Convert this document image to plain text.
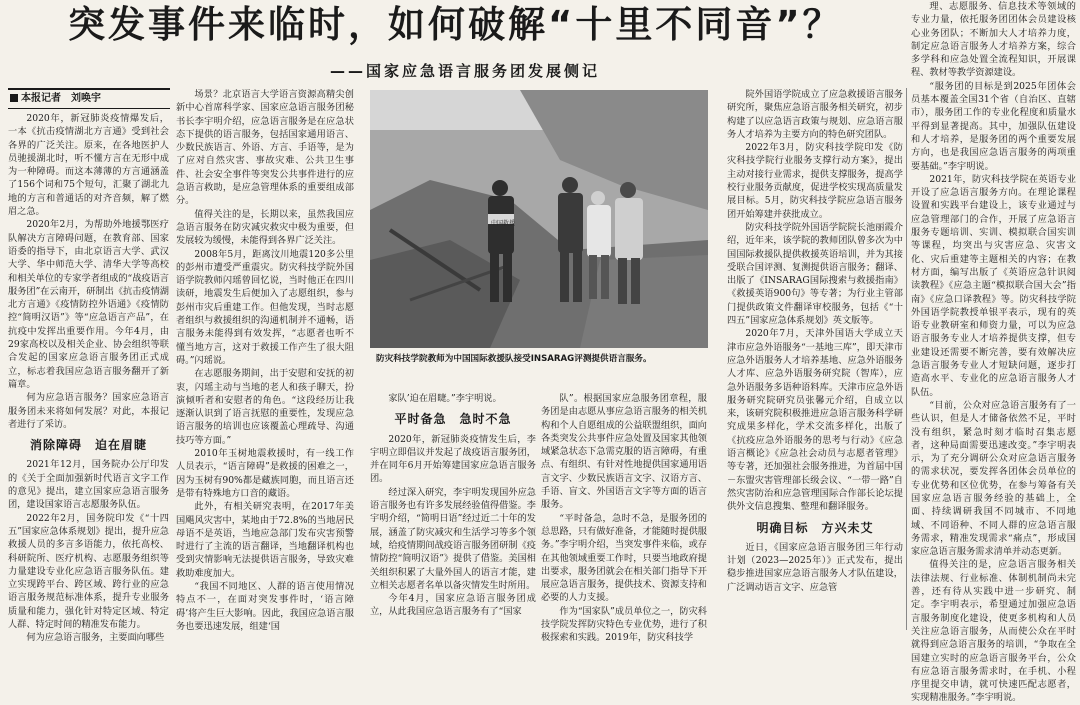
突发事件来临时，如何破解“十里不同音”？
——国家应急语言服务团发展侧记
本报记者　刘唤宇

2020年，新冠肺炎疫情爆发后，一本《抗击疫情湖北方言通》受到社会各界的广泛关注。原来，在各地医护人员驰援湖北时，听不懂方言在无形中成为一种障碍。而这本薄薄的方言通涵盖了156个词和75个短句，汇聚了湖北九地的方言和普通话的对齐音频，解了燃眉之急。

2020年2月，为帮助外地援鄂医疗队解决方言障碍问题，在教育部、国家语委的指导下，由北京语言大学、武汉大学、华中师范大学、清华大学等高校和相关单位的专家学者组成的“战疫语言服务团”在云南开，研制出《抗击疫情湖北方言通》《疫情防控外语通》《疫情防控“简明汉语”》等“应急语言产品”，在抗疫中发挥出重要作用。今年4月，由29家高校以及相关企业、协会组织等联合发起的国家应急语言服务团正式成立，标志着我国应急语言服务翻开了新篇章。

何为应急语言服务？国家应急语言服务团未来将如何发展？对此，本报记者进行了采访。

消除障碍　迫在眉睫

2021年12月，国务院办公厅印发的《关于全面加强新时代语言文字工作的意见》提出，建立国家应急语言服务团，建设国家语言志愿服务队伍。

2022年2月，国务院印发《“十四五”国家应急体系规划》提出，提升应急救援人员的多言多语能力，依托高校、科研院所、医疗机构、志愿服务组织等力量建设专业化应急语言服务队伍。建立实现跨平台、跨区域、跨行业的应急语言服务规范标准体系，提升专业服务质量和能力，强化针对特定区域、特定人群、特定时间的精准发布能力。

何为应急语言服务，主要面向哪些

场景？北京语言大学语言资源高精尖创新中心首席科学家、国家应急语言服务团秘书长李宇明介绍，应急语言服务是在应急状态下提供的语言服务，包括国家通用语言、少数民族语言、外语、方言、手语等，是为了应对自然灾害、事故灾难、公共卫生事件、社会安全事件等突发公共事件进行的应急语言救助，是应急管理体系的重要组成部分。

值得关注的是，长期以来，虽然我国应急语言服务在防灾减灾救灾中极为重要，但发展较为缓慢，未能得到各界广泛关注。

2008年5月，距离汶川地震120多公里的彭州市遭受严重震灾。防灾科技学院外国语学院教师闪瑶曾回忆说，当时他正在四川读研，地震发生后便加入了志愿组织，参与彭州市灾后重建工作。但他发现，当时志愿者组织与救援组织的沟通机制并不通畅，语言服务未能得到有效发挥，“志愿者也听不懂当地方言，这对于救援工作产生了很大阻碍。”闪瑶说。

在志愿服务期间，出于安慰和安抚的初衷，闪瑶主动与当地的老人和孩子聊天，扮演倾听者和安慰者的角色。“这段经历让我逐渐认识到了语言抚慰的重要性，发现应急语言服务的培训也应该覆盖心理疏导、沟通技巧等方面。”

2010年玉树地震救援时，有一线工作人员表示，“语言障碍”是救援的困难之一，因为玉树有90%都是藏族同胞，而且语言还是带有特殊地方口音的藏语。

此外，有相关研究表明，在2017年美国飓风灾害中，某地由于72.8%的当地居民母语不是英语，当地应急部门发布灾害预警时进行了主流的语言翻译，当地翻译机构也受到灾情影响无法提供语言服务，导致灾难救助难度加大。

“我国不同地区、人群的语言使用情况特点不一，在面对突发事件时，‘语言障碍’将产生巨大影响。因此，我国应急语言服务也要迅速发展，组建‘国

中国救援
防灾科技学院教师为中国国际救援队接受INSARAG评测提供语言服务。

家队’迫在眉睫。”李宇明说。

平时备急　急时不急

2020年，新冠肺炎疫情发生后，李宇明立即倡议并发起了战疫语言服务团，并在同年6月开始筹建国家应急语言服务团。

经过深入研究，李宇明发现国外应急语言服务也有许多发展经验值得借鉴。李宇明介绍，“简明日语”经过近二十年的发展，涵盖了防灾减灾和生活学习等多个领域，给疫情期间战疫语言服务团研制《疫情防控“简明汉语”》提供了借鉴。美国相关组织积累了大量外国人的语言才能，建立相关志愿者名单以备灾情发生时所用。

今年4月，国家应急语言服务团成立，从此我国应急语言服务有了“国家

队”。根据国家应急服务团章程，服务团是由志愿从事应急语言服务的相关机构和个人自愿组成的公益联盟组织，面向各类突发公共事件应急处置及国家其他领域紧急状态下急需克服的语言障碍，有重点、有组织、有针对性地提供国家通用语言文字、少数民族语言文字、汉语方言、手语、盲文、外国语言文字等方面的语言服务。

“平时备急，急时不急，是服务团的总思路，只有做好准备，才能随时提供服务。”李宇明介绍，当突发事件来临，或存在其他领域重要工作时，只要当地政府提出要求，服务团就会在相关部门指导下开展应急语言服务，提供技术、资源支持和必要的人力支援。

作为“国家队”成员单位之一，防灾科技学院发挥防灾特色专业优势，进行了积极探索和实践。2019年，防灾科技学

院外国语学院成立了应急救援语言服务研究所，聚焦应急语言服务相关研究，初步构建了以应急语言政策与规划、应急语言服务人才培养为主要方向的特色研究团队。

2022年3月，防灾科技学院印发《防灾科技学院行业服务支撑行动方案》，提出主动对接行业需求，提供支撑服务，提高学校行业服务贡献度，促进学校实现高质量发展目标。5月，防灾科技学院应急语言服务团开始筹建并获批成立。

防灾科技学院外国语学院院长池丽霞介绍，近年来，该学院的教师团队曾多次为中国国际救援队提供救援英语培训，并为其接受联合国评测、复测提供语言服务；翻译、出版了《INSARAG国际搜索与救援指南》《救援英语900句》等专著；为行业主管部门提供政策文件翻译审校服务，包括《“十四五”国家应急体系规划》英文版等。

2020年7月，天津外国语大学成立天津市应急外语服务“一基地三库”，即天津市应急外语服务人才培养基地、应急外语服务人才库、应急外语服务研究院（智库），应急外语服务多语种语料库。天津市应急外语服务研究院研究员张馨元介绍，自成立以来，该研究院积极推进应急语言服务科学研究成果多样化，学术交流多样化，出版了《抗疫应急外语服务的思考与行动》《应急语言概论》《应急社会动员与志愿者管理》等专著，还加强社会服务推进，为首届中国－东盟灾害管理部长级会议、“一带一路”自然灾害防治和应急管理国际合作部长论坛提供外文信息搜集、整理和翻译服务。

明确目标　方兴未艾

近日，《国家应急语言服务团三年行动计划（2023—2025年）》正式发布，提出稳步推进国家应急语言服务人才队伍建设，广泛调动语言文字、应急管

理、志愿服务、信息技术等领域的专业力量，依托服务团团体会员建设核心业务团队；不断加大人才培养力度，制定应急语言服务人才培养方案，综合多学科和应急处置全流程知识，开展课程、教材等教学资源建设。

“服务团的目标是到2025年团体会员基本覆盖全国31个省（自治区、直辖市），服务团工作的专业化程度和质量水平得到显著提高。其中，加强队伍建设和人才培养，是服务团的两个重要发展方向，也是我国应急语言服务的两项重要基础。”李宇明说。

2021年，防灾科技学院在英语专业开设了应急语言服务方向。在理论课程设置和实践平台建设上，该专业通过与应急管理部门的合作，开展了应急语言服务专题培训、实训、模拟联合国实训等课程，均突出与灾害应急、灾害文化、灾后重建等主题相关的内容；在教材方面，编写出版了《英语应急针识阅读教程》《应急主题“模拟联合国大会”指南》《应急口译教程》等。防灾科技学院外国语学院教授单银平表示，现有的英语专业教研室和师资力量，可以为应急语言服务专业人才培养提供支撑，但专业建设还需要不断完善，要有效解决应急语言服务专业人才短缺问题，逐步打造高水平、专业化的应急语言服务人才队伍。

“目前，公众对应急语言服务有了一些认识，但是人才储备依然不足，平时没有组织，紧急时刻才临时召集志愿者，这种局面需要迅速改变。”李宇明表示，为了充分调研公众对应急语言服务的需求状况，要发挥各团体会员单位的专业优势和区位优势，在参与筹备有关国家应急语言服务经验的基础上，全面、持续调研我国不同城市、不同地域、不同语种、不同人群的应急语言服务需求，精准发现需求“痛点”，形成国家应急语言服务需求清单并动态更新。

值得关注的是，应急语言服务相关法律法规、行业标准、体制机制尚未完善，还有待从实践中进一步研究、制定。李宇明表示，希望通过加强应急语言服务制度化建设，使更多机构和人员关注应急语言服务，从而使公众在平时就得到应急语言服务的培训，“争取在全国建立实时的应急语言服务平台，公众有应急语言服务需求时，在手机、小程序里提交申请，就可快速匹配志愿者，实现精准服务。”李宇明说。
